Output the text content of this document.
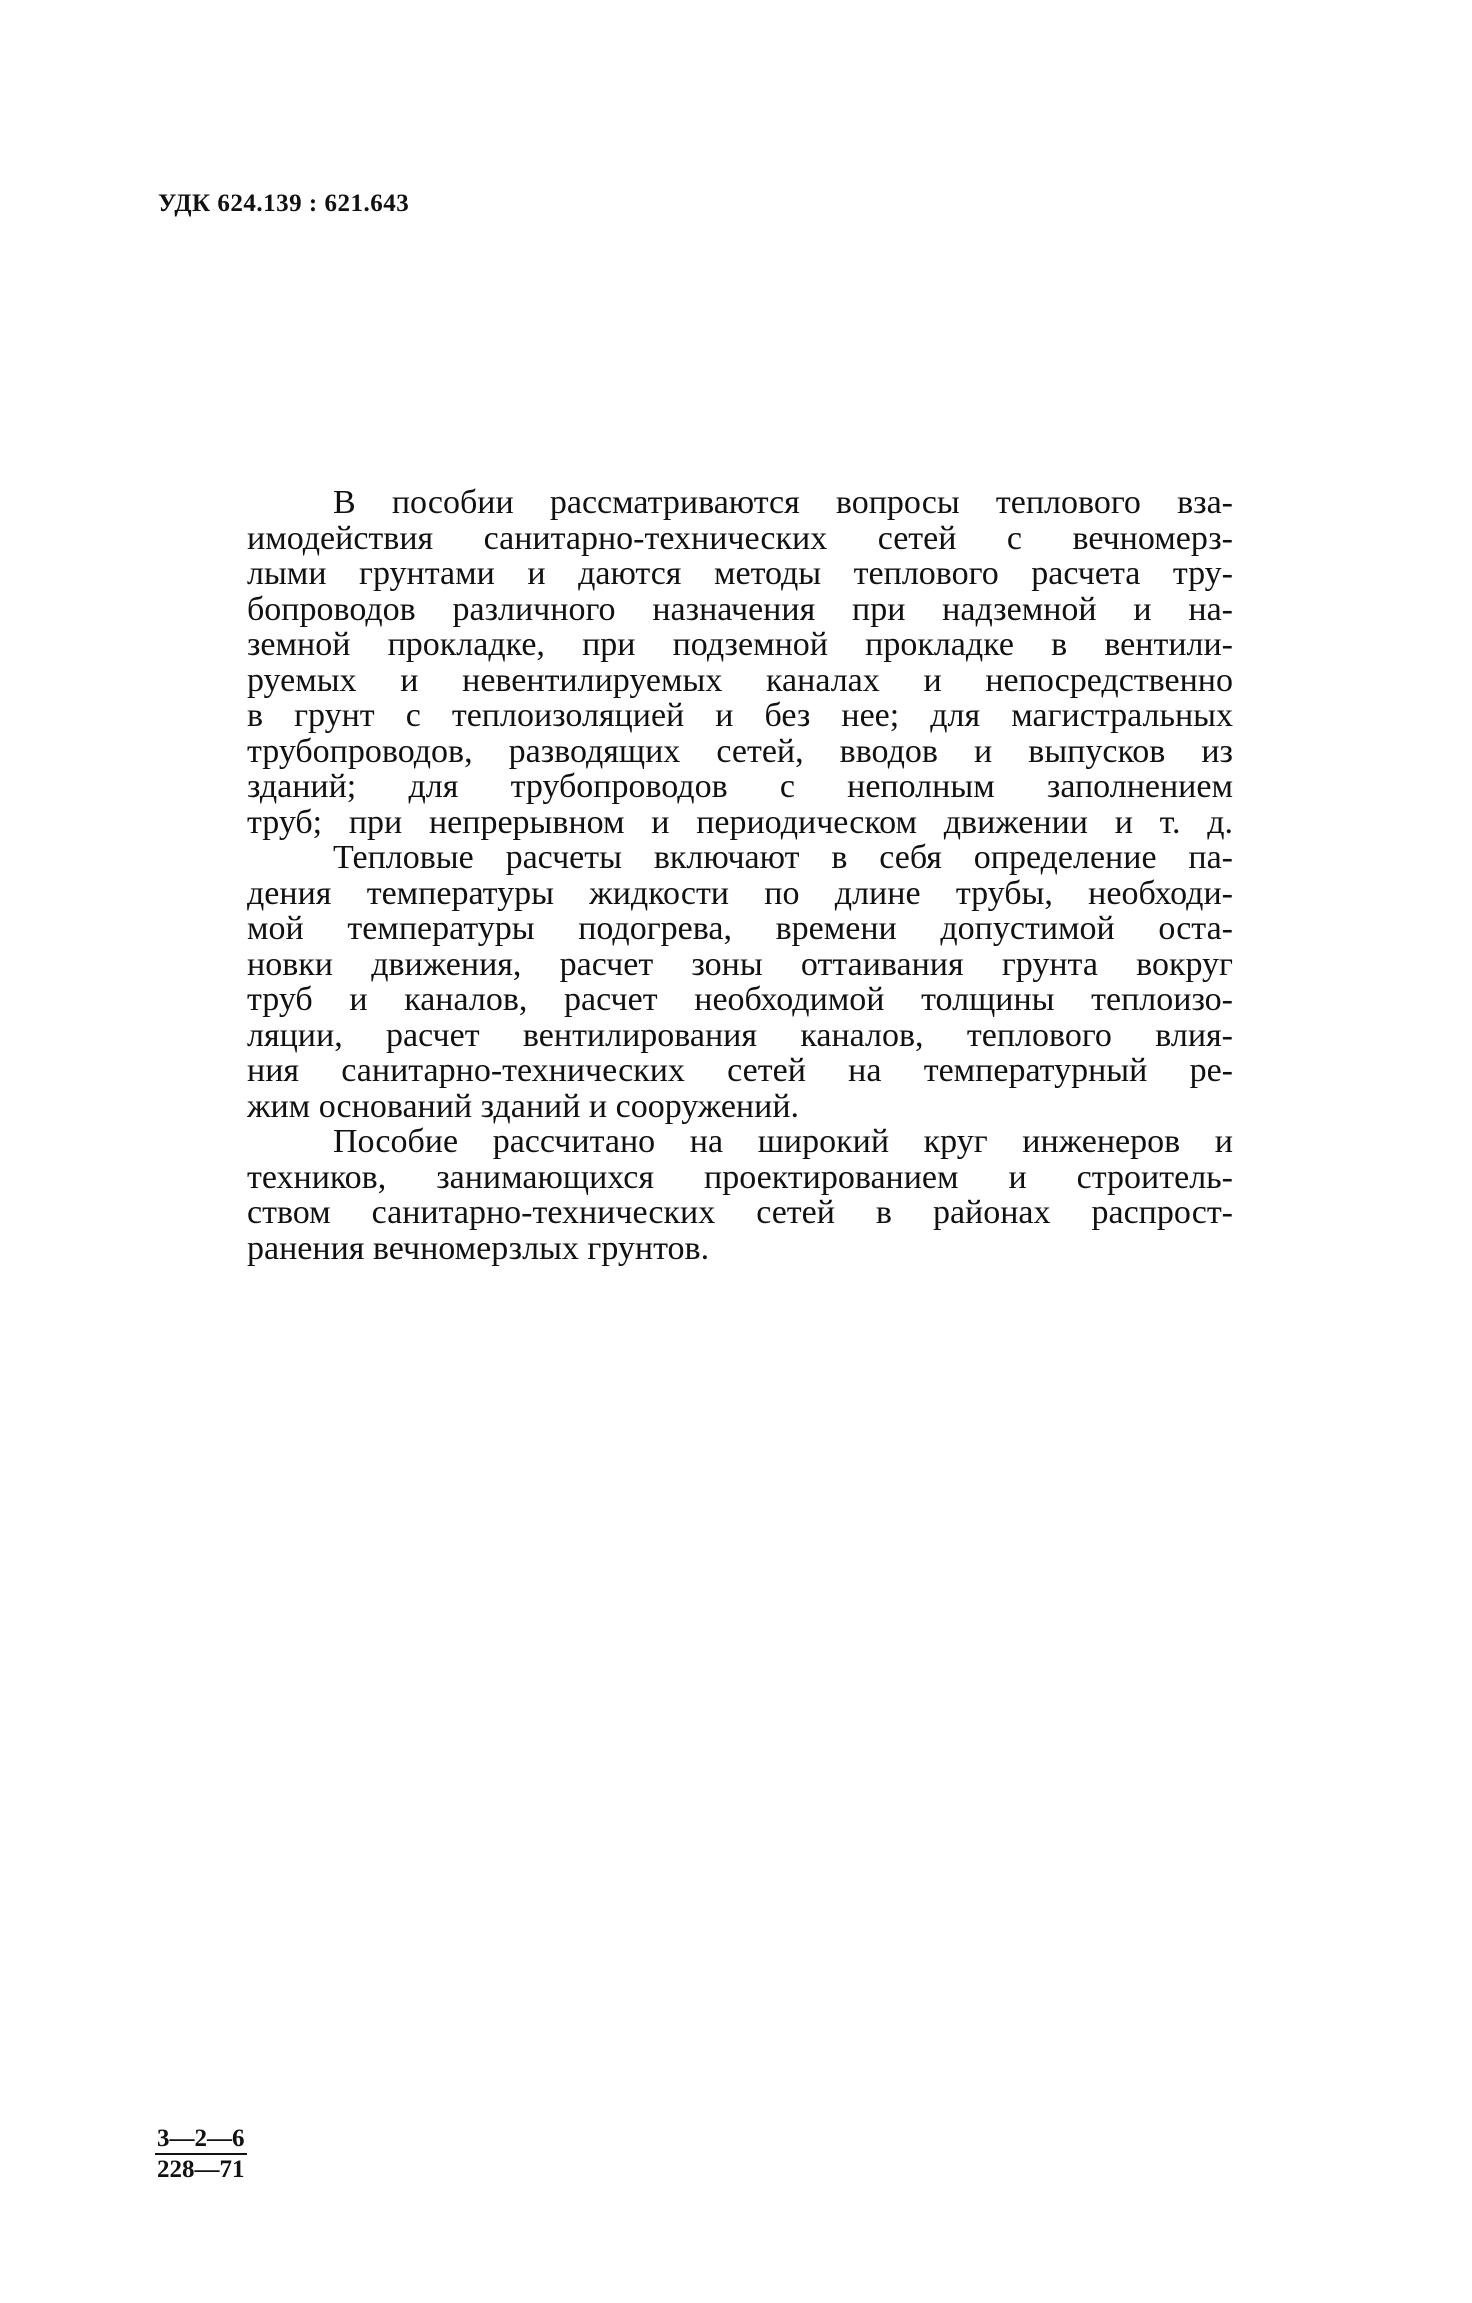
УДК 624.139 : 621.643

В пособии рассматриваются вопросы теплового вза-
имодействия санитарно-технических сетей с вечномерз-
лыми грунтами и даются методы теплового расчета тру-
бопроводов различного назначения при надземной и на-
земной прокладке, при подземной прокладке в вентили-
руемых и невентилируемых каналах и непосредственно
в грунт с теплоизоляцией и без нее; для магистральных
трубопроводов, разводящих сетей, вводов и выпусков из
зданий; для трубопроводов с неполным заполнением
труб; при непрерывном и периодическом движении и т. д.

Тепловые расчеты включают в себя определение па-
дения температуры жидкости по длине трубы, необходи-
мой температуры подогрева, времени допустимой оста-
новки движения, расчет зоны оттаивания грунта вокруг
труб и каналов, расчет необходимой толщины теплоизо-
ляции, расчет вентилирования каналов, теплового влия-
ния санитарно-технических сетей на температурный ре-
жим оснований зданий и сооружений.

Пособие рассчитано на широкий круг инженеров и
техников, занимающихся проектированием и строитель-
ством санитарно-технических сетей в районах распрост-
ранения вечномерзлых грунтов.

$\frac{3—2—6}{228—71}$
